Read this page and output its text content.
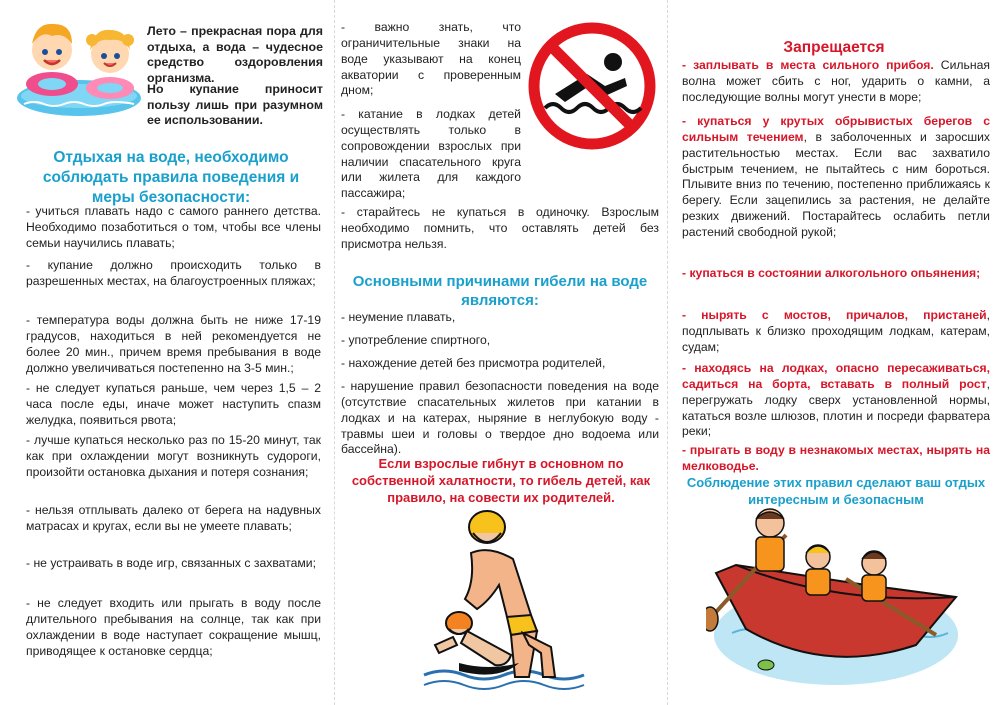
Лето – прекрасная пора для отдыха, а вода – чудесное средство оздоровления организма.
Но купание приносит пользу лишь при разумном ее использовании.
Отдыхая на воде, необходимо соблюдать правила поведения и меры безопасности:
- учиться плавать надо с самого раннего детства. Необходимо позаботиться о том, чтобы все члены семьи научились плавать;
- купание должно происходить только в разрешенных местах, на благоустроенных пляжах;
- температура воды должна быть не ниже 17-19 градусов, находиться в ней рекомендуется не более 20 мин., причем время пребывания в воде должно увеличиваться постепенно на 3-5 мин.;
- не следует купаться раньше, чем через 1,5 – 2 часа после еды, иначе может наступить спазм желудка, появиться рвота;
- лучше купаться несколько раз по 15-20 минут, так как при охлаждении могут возникнуть судороги, произойти остановка дыхания и потеря сознания;
- нельзя отплывать далеко от берега на надувных матрасах и кругах, если вы не умеете плавать;
- не устраивать в воде игр, связанных с захватами;
- не следует входить или прыгать в воду после длительного пребывания на солнце, так как при охлаждении в воде наступает сокращение мышц, приводящее к остановке сердца;
- важно знать, что ограничительные знаки на воде указывают на конец акватории с проверенным дном;
- катание в лодках детей осуществлять только в сопровождении взрослых при наличии спасательного круга или жилета для каждого пассажира;
- старайтесь не купаться в одиночку. Взрослым необходимо помнить, что оставлять детей без присмотра нельзя.
Основными причинами гибели на воде являются:
- неумение плавать,
- употребление спиртного,
- нахождение детей без присмотра родителей,
- нарушение правил безопасности поведения на воде (отсутствие спасательных жилетов при катании в лодках и на катерах, ныряние в неглубокую воду - травмы шеи и головы о твердое дно водоема или бассейна).
Если взрослые гибнут в основном по собственной халатности, то гибель детей, как правило, на совести их родителей.
Запрещается
- заплывать в места сильного прибоя. Сильная волна может сбить с ног, ударить о камни, а последующие волны могут унести в море;
- купаться у крутых обрывистых берегов с сильным течением, в заболоченных и заросших растительностью местах. Если вас захватило быстрым течением, не пытайтесь с ним бороться. Плывите вниз по течению, постепенно приближаясь к берегу. Если зацепились за растения, не делайте резких движений. Постарайтесь ослабить петли растений свободной рукой;
- купаться в состоянии алкогольного опьянения;
- нырять с мостов, причалов, пристаней, подплывать к близко проходящим лодкам, катерам, судам;
- находясь на лодках, опасно пересаживаться, садиться на борта, вставать в полный рост, перегружать лодку сверх установленной нормы, кататься возле шлюзов, плотин и посреди фарватера реки;
- прыгать в воду в незнакомых местах, нырять на мелководье.
Соблюдение этих правил сделают ваш отдых интересным и безопасным
